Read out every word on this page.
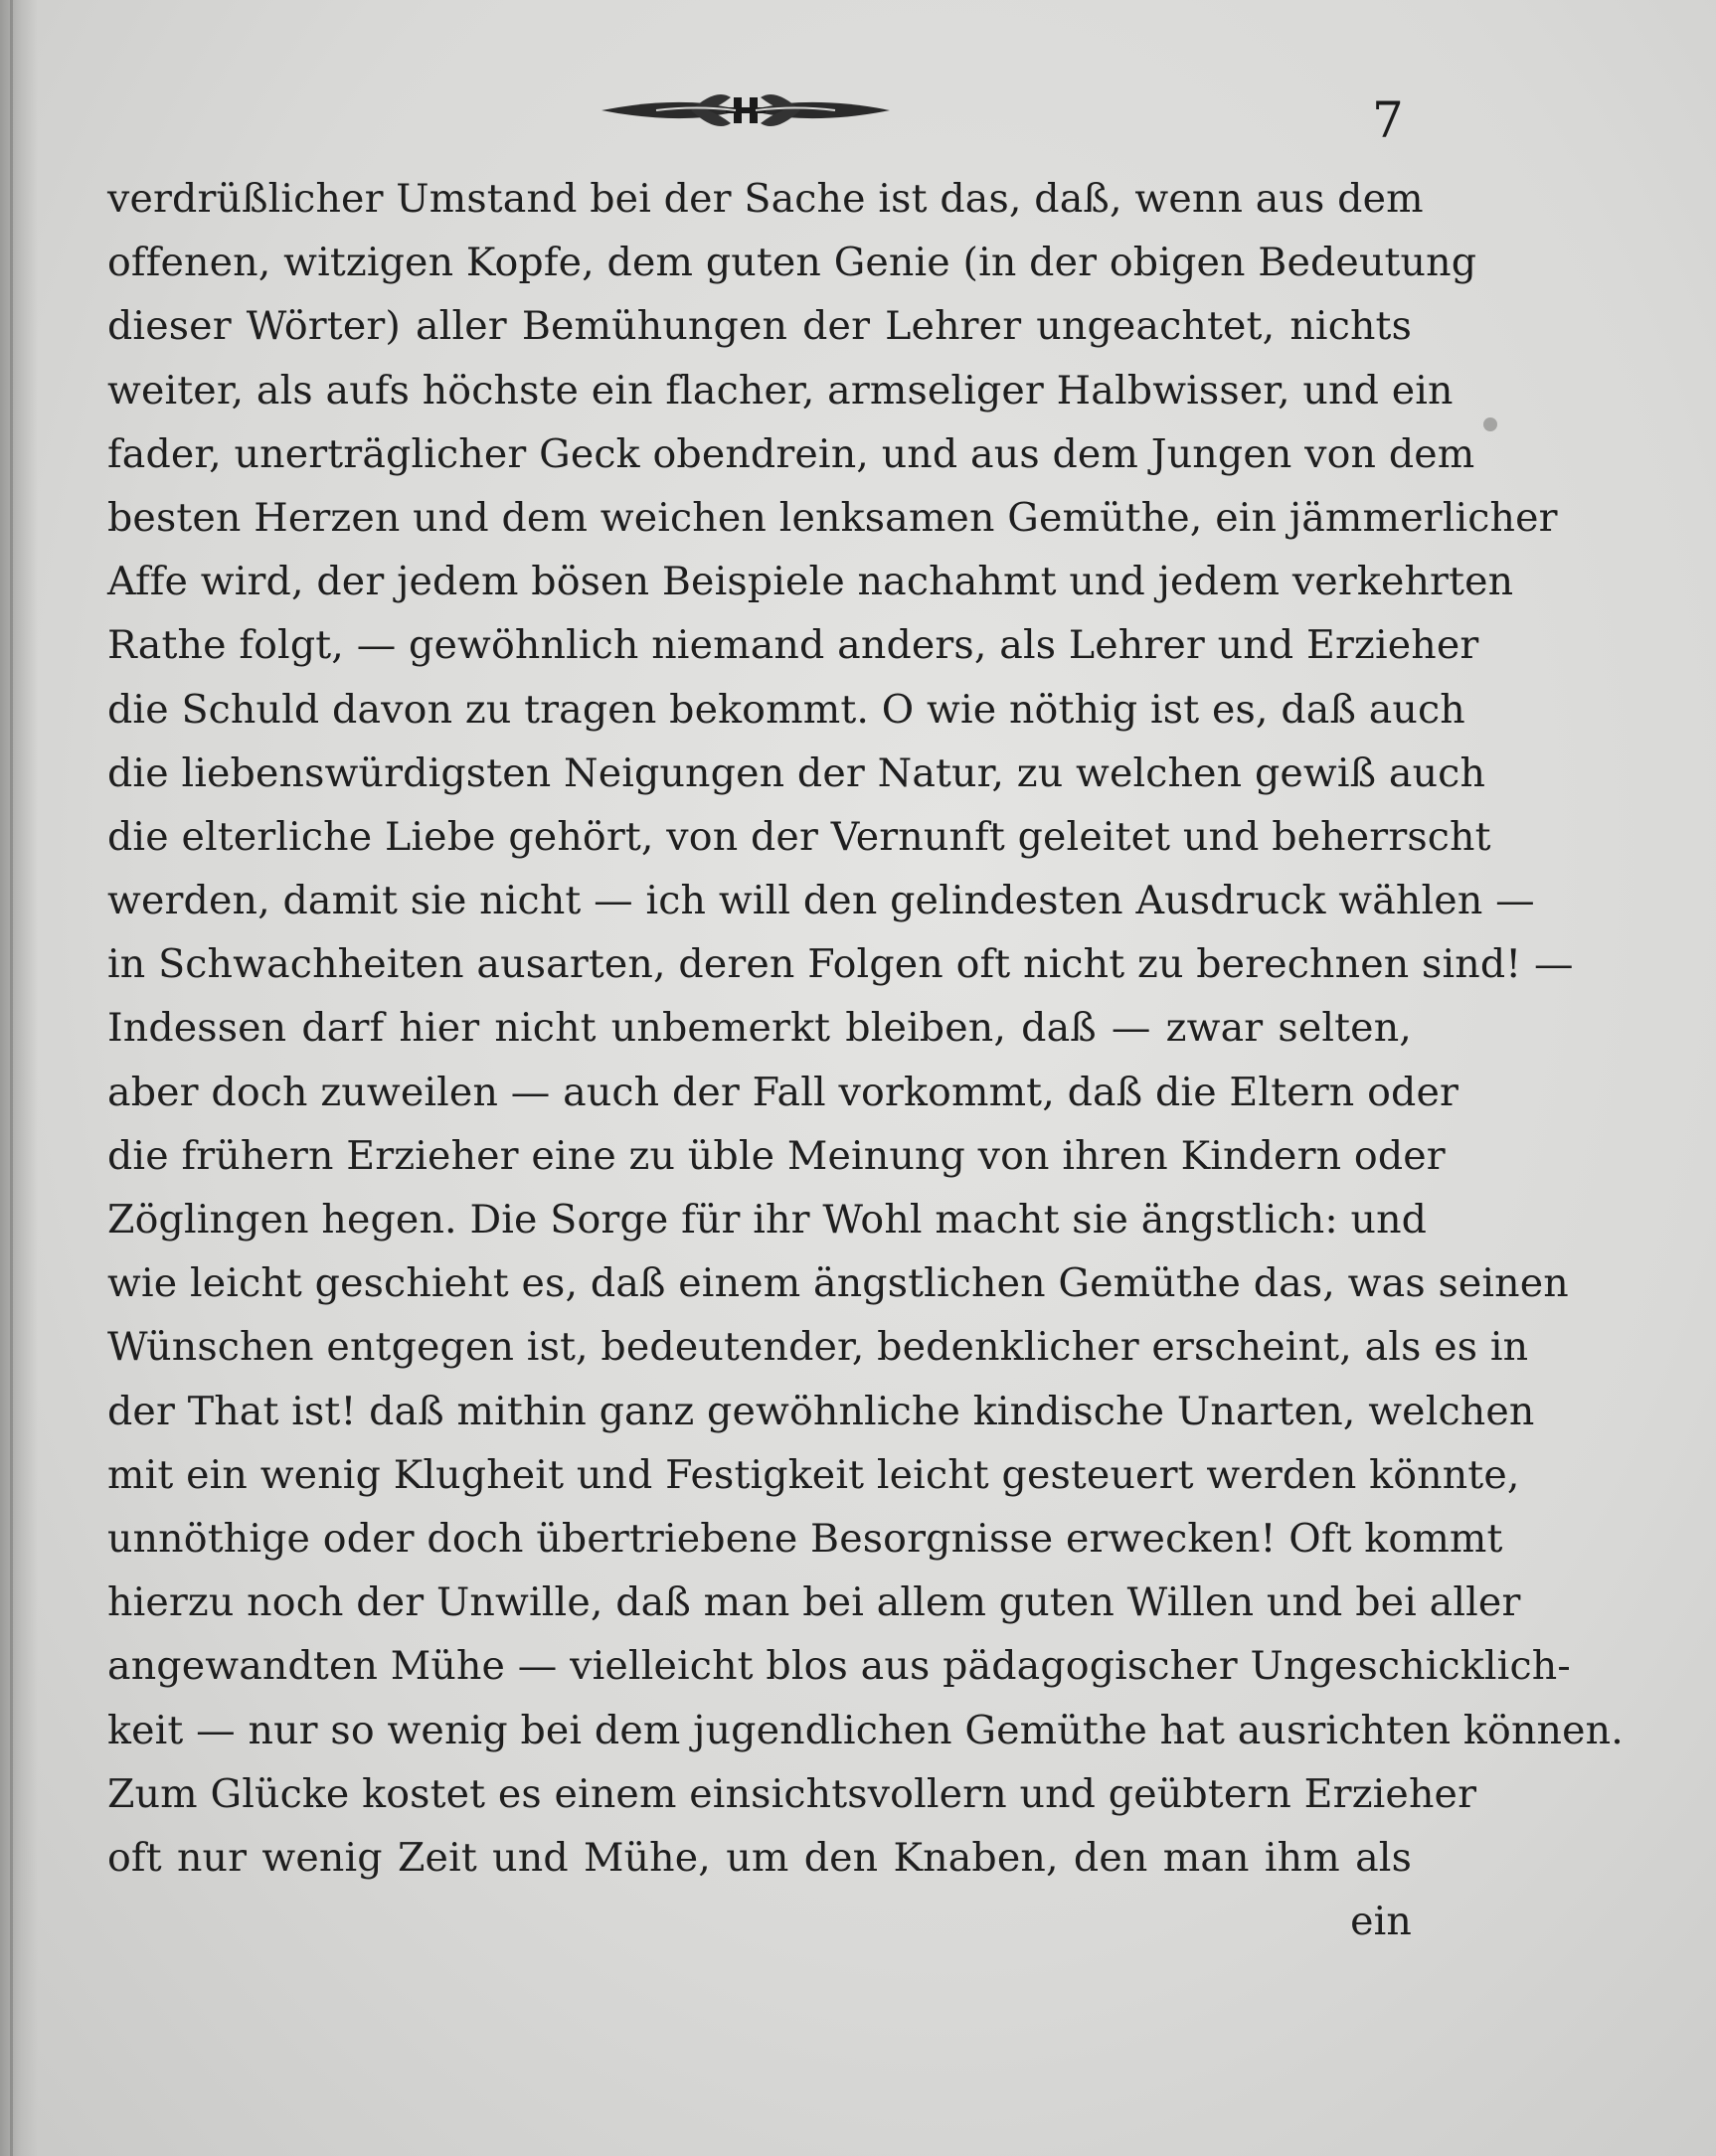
7
verdrüßlicher Umstand bei der Sache ist das, daß, wenn aus dem
offenen, witzigen Kopfe, dem guten Genie (in der obigen Bedeutung
dieser Wörter) aller Bemühungen der Lehrer ungeachtet, nichts
weiter, als aufs höchste ein flacher, armseliger Halbwisser, und ein
fader, unerträglicher Geck obendrein, und aus dem Jungen von dem
besten Herzen und dem weichen lenksamen Gemüthe, ein jämmerlicher
Affe wird, der jedem bösen Beispiele nachahmt und jedem verkehrten
Rathe folgt, — gewöhnlich niemand anders, als Lehrer und Erzieher
die Schuld davon zu tragen bekommt. O wie nöthig ist es, daß auch
die liebenswürdigsten Neigungen der Natur, zu welchen gewiß auch
die elterliche Liebe gehört, von der Vernunft geleitet und beherrscht
werden, damit sie nicht — ich will den gelindesten Ausdruck wählen —
in Schwachheiten ausarten, deren Folgen oft nicht zu berechnen sind! —
Indessen darf hier nicht unbemerkt bleiben, daß — zwar selten,
aber doch zuweilen — auch der Fall vorkommt, daß die Eltern oder
die frühern Erzieher eine zu üble Meinung von ihren Kindern oder
Zöglingen hegen. Die Sorge für ihr Wohl macht sie ängstlich: und
wie leicht geschieht es, daß einem ängstlichen Gemüthe das, was seinen
Wünschen entgegen ist, bedeutender, bedenklicher erscheint, als es in
der That ist! daß mithin ganz gewöhnliche kindische Unarten, welchen
mit ein wenig Klugheit und Festigkeit leicht gesteuert werden könnte,
unnöthige oder doch übertriebene Besorgnisse erwecken! Oft kommt
hierzu noch der Unwille, daß man bei allem guten Willen und bei aller
angewandten Mühe — vielleicht blos aus pädagogischer Ungeschicklich-
keit — nur so wenig bei dem jugendlichen Gemüthe hat ausrichten können.
Zum Glücke kostet es einem einsichtsvollern und geübtern Erzieher
oft nur wenig Zeit und Mühe, um den Knaben, den man ihm als
ein
